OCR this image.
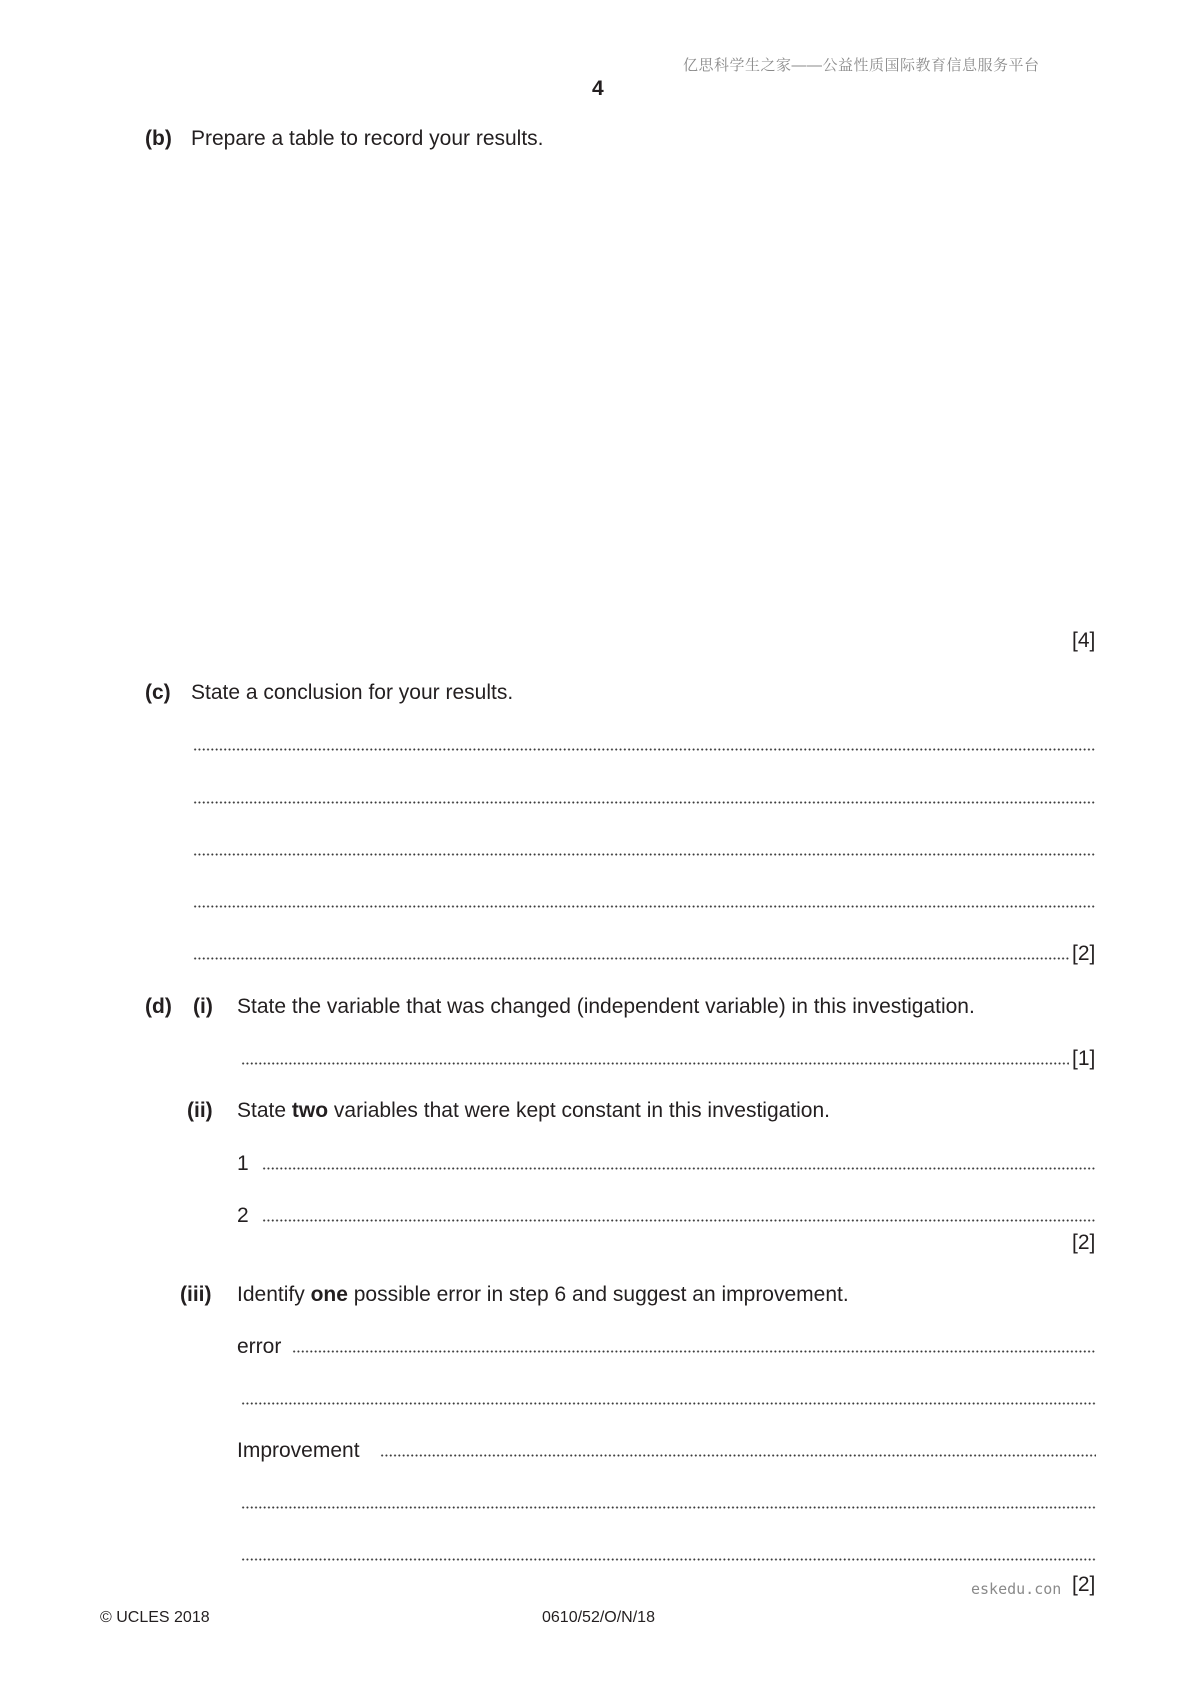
亿思科学生之家——公益性质国际教育信息服务平台
4
(b) Prepare a table to record your results.
[4]
(c) State a conclusion for your results.
[2]
(d) (i) State the variable that was changed (independent variable) in this investigation.
[1]
(ii) State two variables that were kept constant in this investigation.
1
2
[2]
(iii) Identify one possible error in step 6 and suggest an improvement.
error
Improvement
eskedu.con [2]
© UCLES 2018	0610/52/O/N/18
